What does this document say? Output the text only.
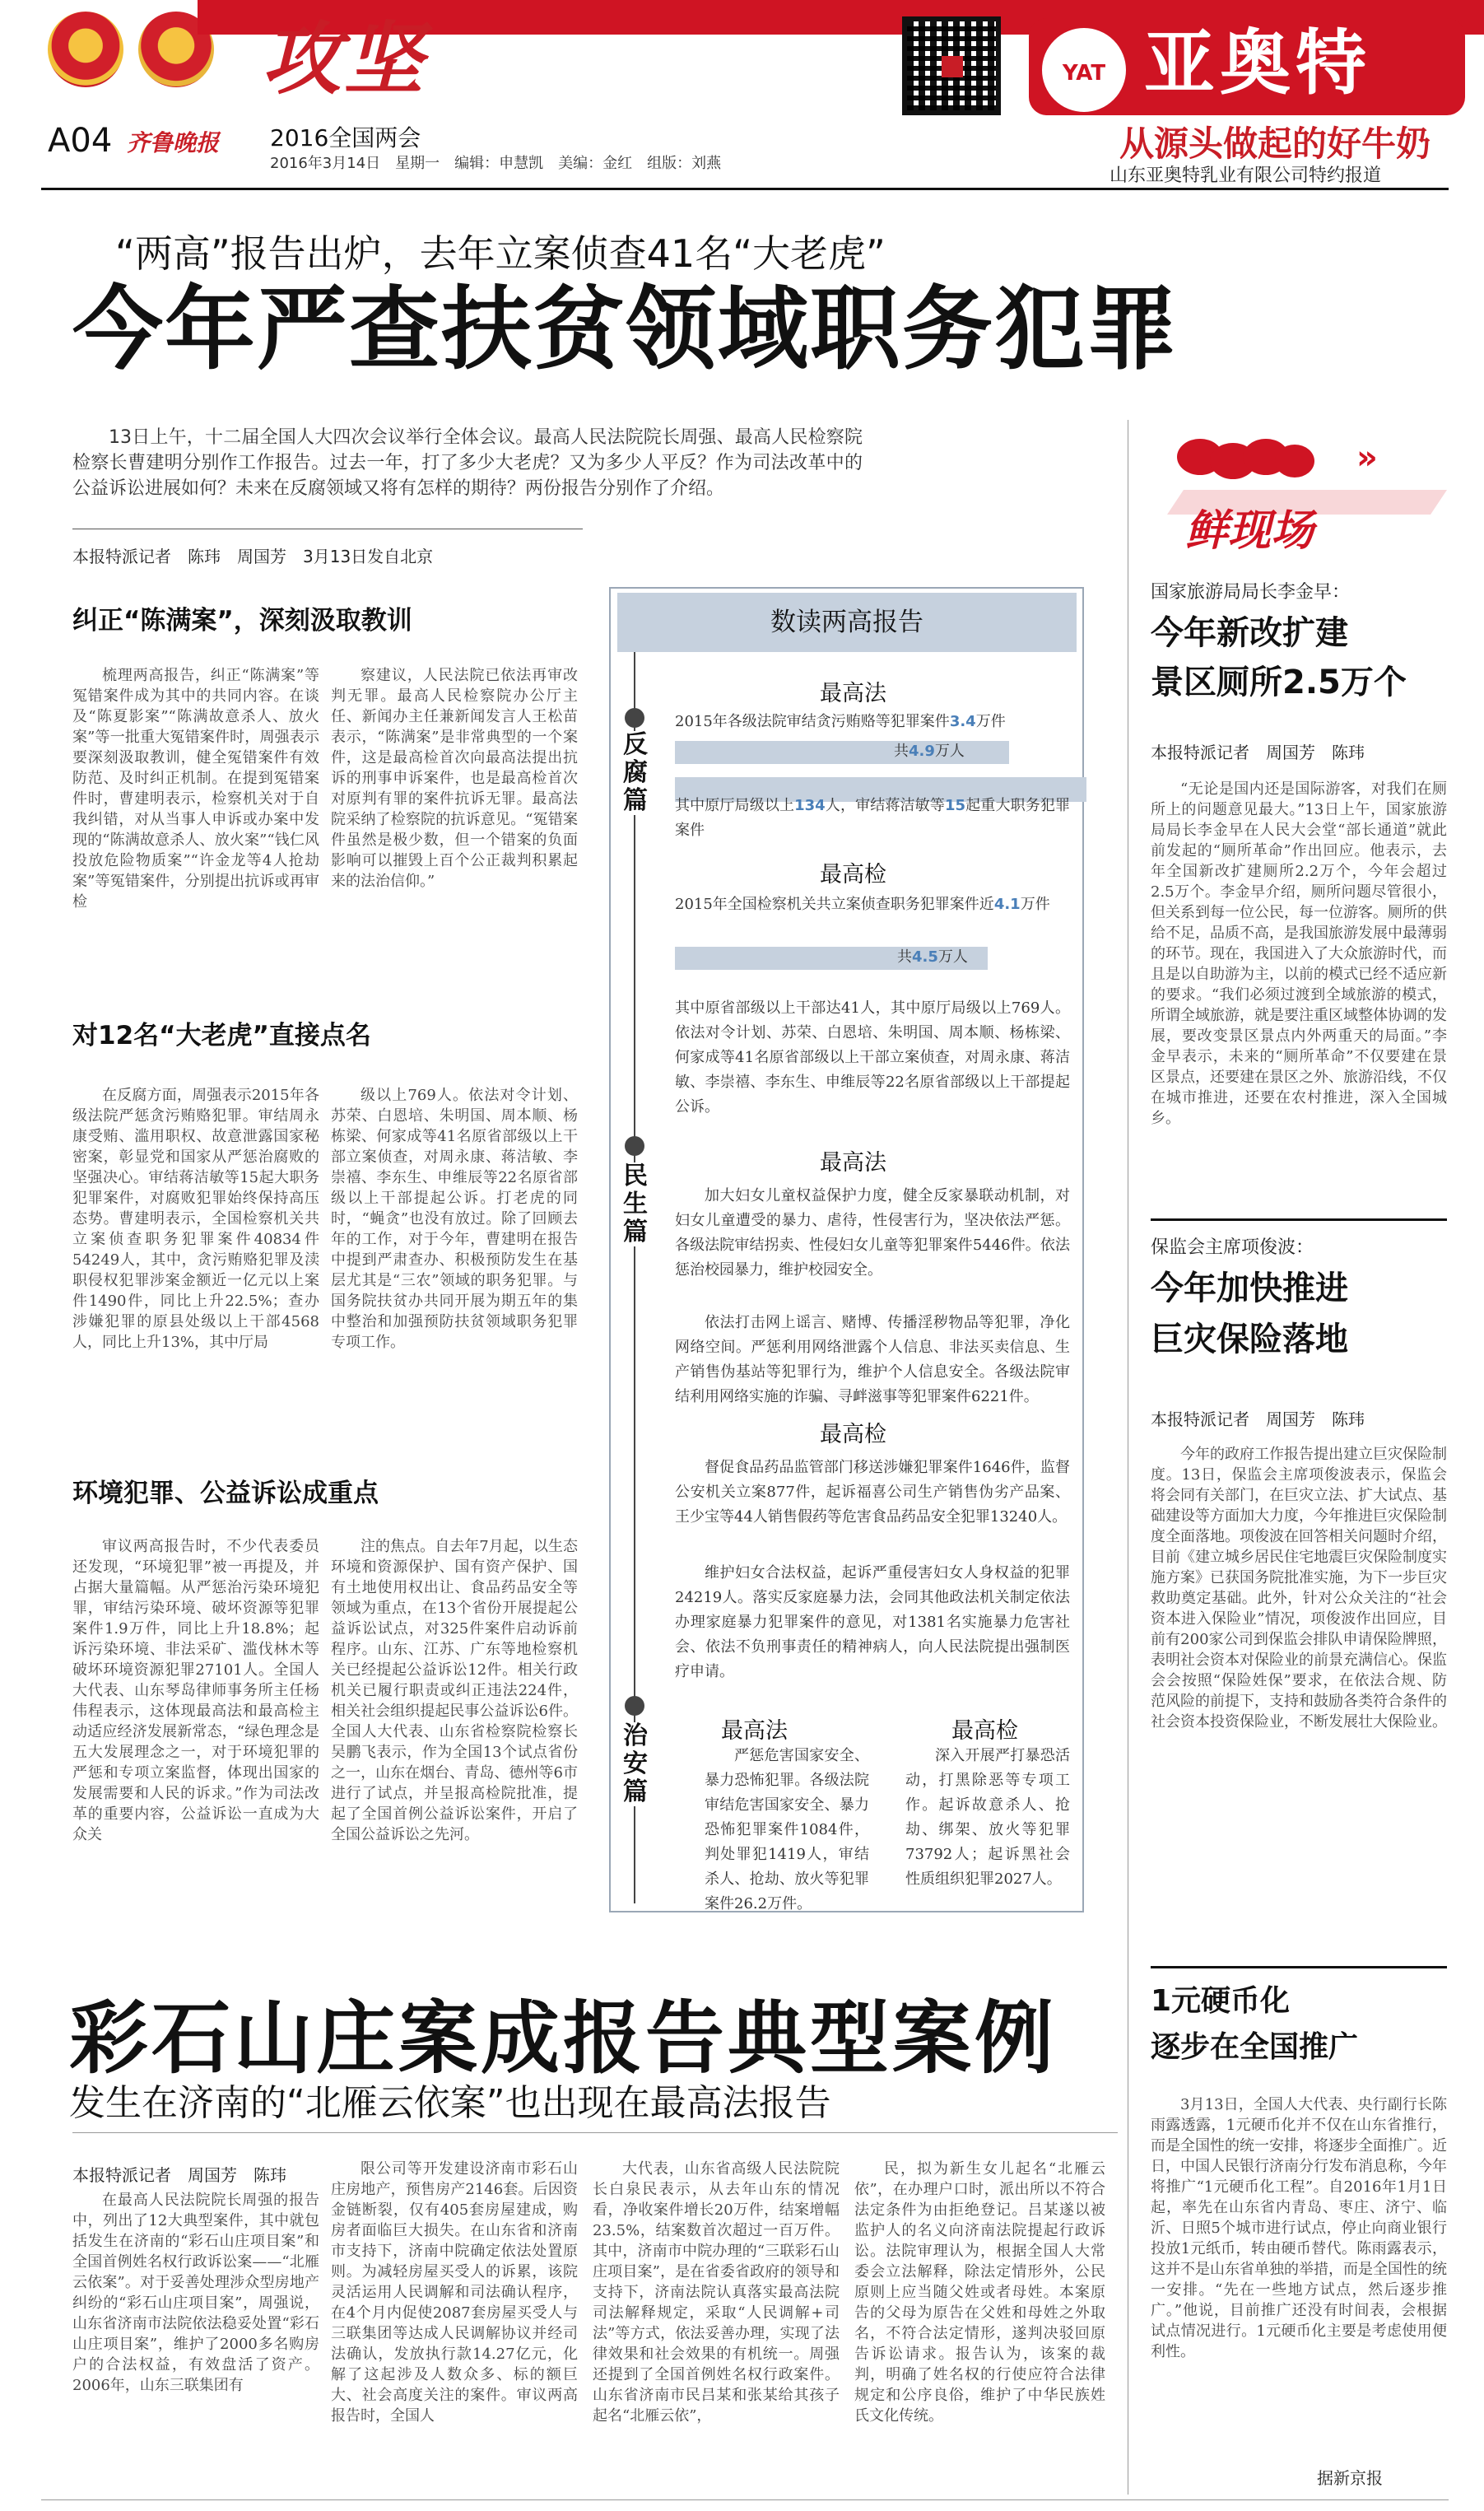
攻坚
A04 齐鲁晚报 2016全国两会
2016年3月14日　星期一　编辑：申慧凯　美编：金红　组版：刘燕
YAT 亚奥特
从源头做起的好牛奶
山东亚奥特乳业有限公司特约报道
“两高”报告出炉，去年立案侦查41名“大老虎”
今年严查扶贫领域职务犯罪
13日上午，十二届全国人大四次会议举行全体会议。最高人民法院院长周强、最高人民检察院检察长曹建明分别作工作报告。过去一年，打了多少大老虎？又为多少人平反？作为司法改革中的公益诉讼进展如何？未来在反腐领域又将有怎样的期待？两份报告分别作了介绍。
本报特派记者　陈玮　周国芳　3月13日发自北京
纠正“陈满案”，深刻汲取教训

梳理两高报告，纠正“陈满案”等冤错案件成为其中的共同内容。在谈及“陈夏影案”“陈满故意杀人、放火案”等一批重大冤错案件时，周强表示要深刻汲取教训，健全冤错案件有效防范、及时纠正机制。在提到冤错案件时，曹建明表示，检察机关对于自我纠错，对从当事人申诉或办案中发现的“陈满故意杀人、放火案”“钱仁风投放危险物质案”“许金龙等4人抢劫案”等冤错案件，分别提出抗诉或再审检

察建议，人民法院已依法再审改判无罪。最高人民检察院办公厅主任、新闻办主任兼新闻发言人王松苗表示，“陈满案”是非常典型的一个案件，这是最高检首次向最高法提出抗诉的刑事申诉案件，也是最高检首次对原判有罪的案件抗诉无罪。最高法院采纳了检察院的抗诉意见。“冤错案件虽然是极少数，但一个错案的负面影响可以摧毁上百个公正裁判积累起来的法治信仰。”

对12名“大老虎”直接点名

在反腐方面，周强表示2015年各级法院严惩贪污贿赂犯罪。审结周永康受贿、滥用职权、故意泄露国家秘密案，彰显党和国家从严惩治腐败的坚强决心。审结蒋洁敏等15起大职务犯罪案件，对腐败犯罪始终保持高压态势。曹建明表示，全国检察机关共立案侦查职务犯罪案件40834件54249人，其中，贪污贿赂犯罪及渎职侵权犯罪涉案金额近一亿元以上案件1490件，同比上升22.5%；查办涉嫌犯罪的原县处级以上干部4568人，同比上升13%，其中厅局

级以上769人。依法对令计划、苏荣、白恩培、朱明国、周本顺、杨栋梁、何家成等41名原省部级以上干部立案侦查，对周永康、蒋洁敏、李崇禧、李东生、申维辰等22名原省部级以上干部提起公诉。打老虎的同时，“蝇贪”也没有放过。除了回顾去年的工作，对于今年，曹建明在报告中提到严肃查办、积极预防发生在基层尤其是“三农”领域的职务犯罪。与国务院扶贫办共同开展为期五年的集中整治和加强预防扶贫领域职务犯罪专项工作。

环境犯罪、公益诉讼成重点

审议两高报告时，不少代表委员还发现，“环境犯罪”被一再提及，并占据大量篇幅。从严惩治污染环境犯罪，审结污染环境、破坏资源等犯罪案件1.9万件，同比上升18.8%；起诉污染环境、非法采矿、滥伐林木等破坏环境资源犯罪27101人。全国人大代表、山东琴岛律师事务所主任杨伟程表示，这体现最高法和最高检主动适应经济发展新常态，“绿色理念是五大发展理念之一，对于环境犯罪的严惩和专项立案监督，体现出国家的发展需要和人民的诉求。”作为司法改革的重要内容，公益诉讼一直成为大众关

注的焦点。自去年7月起，以生态环境和资源保护、国有资产保护、国有土地使用权出让、食品药品安全等领域为重点，在13个省份开展提起公益诉讼试点，对325件案件启动诉前程序。山东、江苏、广东等地检察机关已经提起公益诉讼12件。相关行政机关已履行职责或纠正违法224件，相关社会组织提起民事公益诉讼6件。全国人大代表、山东省检察院检察长吴鹏飞表示，作为全国13个试点省份之一，山东在烟台、青岛、德州等6市进行了试点，并呈报高检院批准，提起了全国首例公益诉讼案件，开启了全国公益诉讼之先河。

数读两高报告
反腐篇
民生篇
治安篇
最高法
2015年各级法院审结贪污贿赂等犯罪案件3.4万件
共4.9万人
其中原厅局级以上134人，审结蒋洁敏等15起重大职务犯罪案件
最高检
2015年全国检察机关共立案侦查职务犯罪案件近4.1万件
共4.5万人
其中原省部级以上干部达41人，其中原厅局级以上769人。依法对令计划、苏荣、白恩培、朱明国、周本顺、杨栋梁、何家成等41名原省部级以上干部立案侦查，对周永康、蒋洁敏、李崇禧、李东生、申维辰等22名原省部级以上干部提起公诉。
最高法
加大妇女儿童权益保护力度，健全反家暴联动机制，对妇女儿童遭受的暴力、虐待，性侵害行为，坚决依法严惩。各级法院审结拐卖、性侵妇女儿童等犯罪案件5446件。依法惩治校园暴力，维护校园安全。
依法打击网上谣言、赌博、传播淫秽物品等犯罪，净化网络空间。严惩利用网络泄露个人信息、非法买卖信息、生产销售伪基站等犯罪行为，维护个人信息安全。各级法院审结利用网络实施的诈骗、寻衅滋事等犯罪案件6221件。
最高检
督促食品药品监管部门移送涉嫌犯罪案件1646件，监督公安机关立案877件，起诉福喜公司生产销售伪劣产品案、王少宝等44人销售假药等危害食品药品安全犯罪13240人。
维护妇女合法权益，起诉严重侵害妇女人身权益的犯罪24219人。落实反家庭暴力法，会同其他政法机关制定依法办理家庭暴力犯罪案件的意见，对1381名实施暴力危害社会、依法不负刑事责任的精神病人，向人民法院提出强制医疗申请。
最高法
严惩危害国家安全、暴力恐怖犯罪。各级法院审结危害国家安全、暴力恐怖犯罪案件1084件，判处罪犯1419人，审结杀人、抢劫、放火等犯罪案件26.2万件。
最高检
深入开展严打暴恐活动，打黑除恶等专项工作。起诉故意杀人、抢劫、绑架、放火等犯罪73792人；起诉黑社会性质组织犯罪2027人。
彩石山庄案成报告典型案例
发生在济南的“北雁云依案”也出现在最高法报告
本报特派记者　周国芳　陈玮

在最高人民法院院长周强的报告中，列出了12大典型案件，其中就包括发生在济南的“彩石山庄项目案”和全国首例姓名权行政诉讼案——“北雁云依案”。对于妥善处理涉众型房地产纠纷的“彩石山庄项目案”，周强说，山东省济南市法院依法稳妥处置“彩石山庄项目案”，维护了2000多名购房户的合法权益，有效盘活了资产。2006年，山东三联集团有

限公司等开发建设济南市彩石山庄房地产，预售房产2146套。后因资金链断裂，仅有405套房屋建成，购房者面临巨大损失。在山东省和济南市支持下，济南中院确定依法处置原则。为减轻房屋买受人的诉累，该院灵活运用人民调解和司法确认程序，在4个月内促使2087套房屋买受人与三联集团等达成人民调解协议并经司法确认，发放执行款14.27亿元，化解了这起涉及人数众多、标的额巨大、社会高度关注的案件。审议两高报告时，全国人

大代表，山东省高级人民法院院长白泉民表示，从去年山东的情况看，净收案件增长20万件，结案增幅23.5%，结案数首次超过一百万件。其中，济南市中院办理的“三联彩石山庄项目案”，是在省委省政府的领导和支持下，济南法院认真落实最高法院司法解释规定，采取“人民调解+司法”等方式，依法妥善办理，实现了法律效果和社会效果的有机统一。周强还提到了全国首例姓名权行政案件。山东省济南市民吕某和张某给其孩子起名“北雁云依”，

民，拟为新生女儿起名“北雁云依”，在办理户口时，派出所以不符合法定条件为由拒绝登记。吕某遂以被监护人的名义向济南法院提起行政诉讼。法院审理认为，根据全国人大常委会立法解释，除法定情形外，公民原则上应当随父姓或者母姓。本案原告的父母为原告在父姓和母姓之外取名，不符合法定情形，遂判决驳回原告诉讼请求。报告认为，该案的裁判，明确了姓名权的行使应符合法律规定和公序良俗，维护了中华民族姓氏文化传统。

»
鲜现场
国家旅游局局长李金早：
今年新改扩建
景区厕所2.5万个
本报特派记者　周国芳　陈玮

“无论是国内还是国际游客，对我们在厕所上的问题意见最大。”13日上午，国家旅游局局长李金早在人民大会堂“部长通道”就此前发起的“厕所革命”作出回应。他表示，去年全国新改扩建厕所2.2万个，今年会超过2.5万个。李金早介绍，厕所问题尽管很小，但关系到每一位公民，每一位游客。厕所的供给不足，品质不高，是我国旅游发展中最薄弱的环节。现在，我国进入了大众旅游时代，而且是以自助游为主，以前的模式已经不适应新的要求。“我们必须过渡到全域旅游的模式，所谓全域旅游，就是要注重区域整体协调的发展，要改变景区景点内外两重天的局面。”李金早表示，未来的“厕所革命”不仅要建在景区景点，还要建在景区之外、旅游沿线，不仅在城市推进，还要在农村推进，深入全国城乡。

保监会主席项俊波：
今年加快推进
巨灾保险落地
本报特派记者　周国芳　陈玮

今年的政府工作报告提出建立巨灾保险制度。13日，保监会主席项俊波表示，保监会将会同有关部门，在巨灾立法、扩大试点、基础建设等方面加大力度，今年推进巨灾保险制度全面落地。项俊波在回答相关问题时介绍，目前《建立城乡居民住宅地震巨灾保险制度实施方案》已获国务院批准实施，为下一步巨灾救助奠定基础。此外，针对公众关注的“社会资本进入保险业”情况，项俊波作出回应，目前有200家公司到保监会排队申请保险牌照，表明社会资本对保险业的前景充满信心。保监会会按照“保险姓保”要求，在依法合规、防范风险的前提下，支持和鼓励各类符合条件的社会资本投资保险业，不断发展壮大保险业。

1元硬币化
逐步在全国推广

3月13日，全国人大代表、央行副行长陈雨露透露，1元硬币化并不仅在山东省推行，而是全国性的统一安排，将逐步全面推广。近日，中国人民银行济南分行发布消息称，今年将推广“1元硬币化工程”。自2016年1月1日起，率先在山东省内青岛、枣庄、济宁、临沂、日照5个城市进行试点，停止向商业银行投放1元纸币，转由硬币替代。陈雨露表示，这并不是山东省单独的举措，而是全国性的统一安排。“先在一些地方试点，然后逐步推广。”他说，目前推广还没有时间表，会根据试点情况进行。1元硬币化主要是考虑使用便利性。

据新京报
